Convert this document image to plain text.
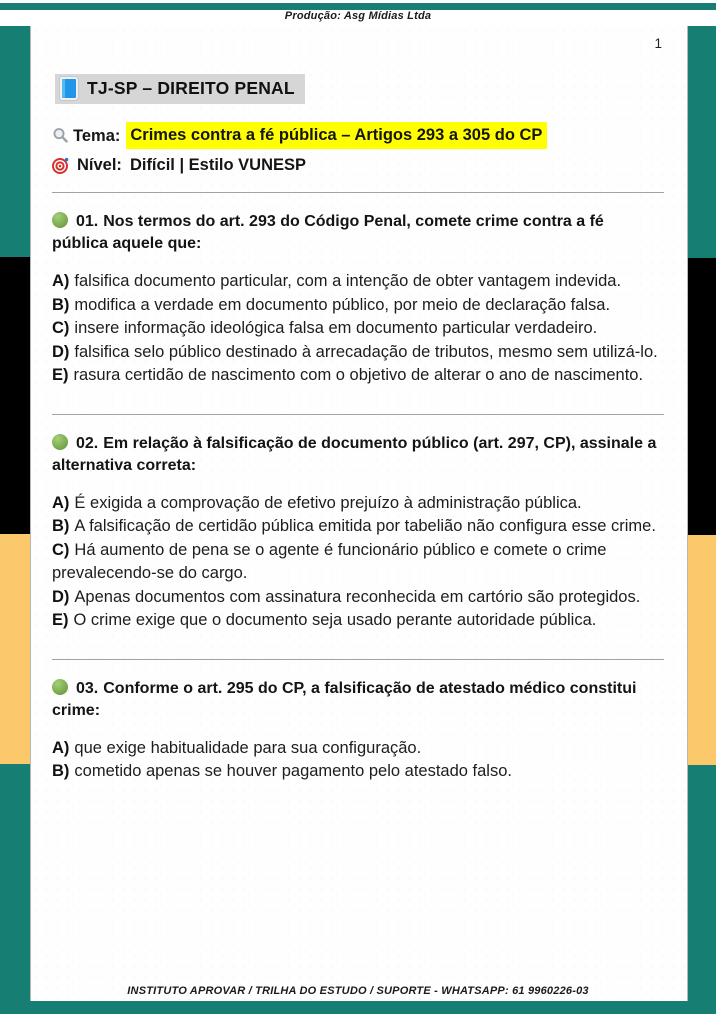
Produção: Asg Mídias Ltda
1
TJ-SP – DIREITO PENAL
Tema: Crimes contra a fé pública – Artigos 293 a 305 do CP
Nível: Difícil | Estilo VUNESP

01. Nos termos do art. 293 do Código Penal, comete crime contra a fé pública aquele que:

A) falsifica documento particular, com a intenção de obter vantagem indevida.

B) modifica a verdade em documento público, por meio de declaração falsa.

C) insere informação ideológica falsa em documento particular verdadeiro.

D) falsifica selo público destinado à arrecadação de tributos, mesmo sem utilizá-lo.

E) rasura certidão de nascimento com o objetivo de alterar o ano de nascimento.

02. Em relação à falsificação de documento público (art. 297, CP), assinale a alternativa correta:

A) É exigida a comprovação de efetivo prejuízo à administração pública.

B) A falsificação de certidão pública emitida por tabelião não configura esse crime.

C) Há aumento de pena se o agente é funcionário público e comete o crime prevalecendo-se do cargo.

D) Apenas documentos com assinatura reconhecida em cartório são protegidos.

E) O crime exige que o documento seja usado perante autoridade pública.

03. Conforme o art. 295 do CP, a falsificação de atestado médico constitui crime:

A) que exige habitualidade para sua configuração.

B) cometido apenas se houver pagamento pelo atestado falso.

INSTITUTO APROVAR / TRILHA DO ESTUDO / SUPORTE - WHATSAPP: 61 9960226-03
